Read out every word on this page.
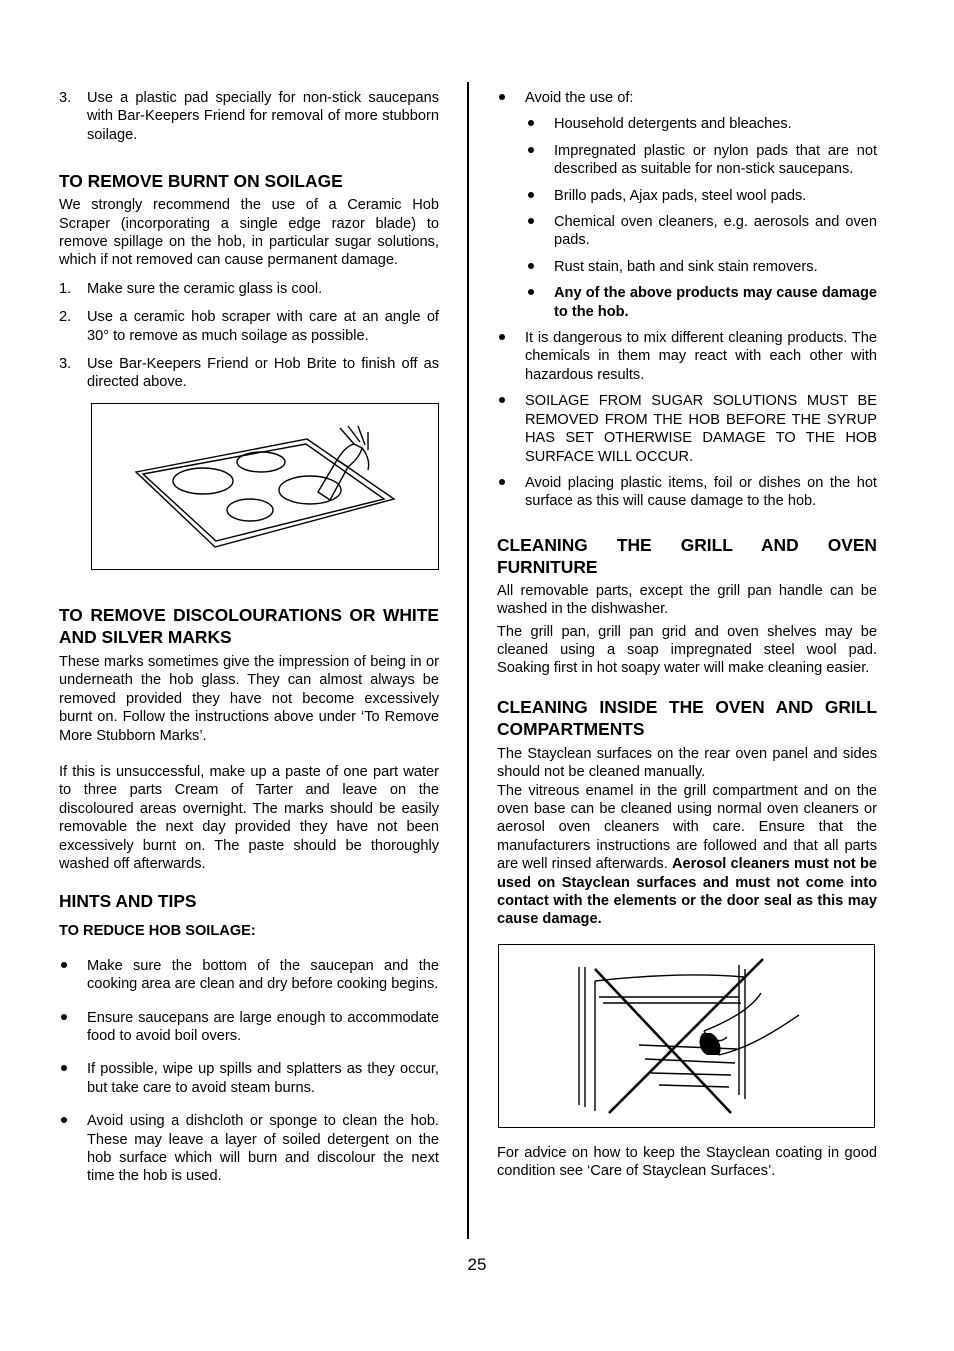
3. Use a plastic pad specially for non-stick saucepans with Bar-Keepers Friend for removal of more stubborn soilage.
TO REMOVE BURNT ON SOILAGE

We strongly recommend the use of a Ceramic Hob Scraper (incorporating a single edge razor blade) to remove spillage on the hob, in particular sugar solutions, which if not removed can cause permanent damage.

1. Make sure the ceramic glass is cool.
2. Use a ceramic hob scraper with care at an angle of 30° to remove as much soilage as possible.
3. Use Bar-Keepers Friend or Hob Brite to finish off as directed above.
TO REMOVE DISCOLOURATIONS OR WHITE AND SILVER MARKS

These marks sometimes give the impression of being in or underneath the hob glass. They can almost always be removed provided they have not become excessively burnt on. Follow the instructions above under ‘To Remove More Stubborn Marks’.

If this is unsuccessful, make up a paste of one part water to three parts Cream of Tarter and leave on the discoloured areas overnight. The marks should be easily removable the next day provided they have not been excessively burnt on. The paste should be thoroughly washed off afterwards.

HINTS AND TIPS
TO REDUCE HOB SOILAGE:
Make sure the bottom of the saucepan and the cooking area are clean and dry before cooking begins.
Ensure saucepans are large enough to accommodate food to avoid boil overs.
If possible, wipe up spills and splatters as they occur, but take care to avoid steam burns.
Avoid using a dishcloth or sponge to clean the hob. These may leave a layer of soiled detergent on the hob surface which will burn and discolour the next time the hob is used.
Avoid the use of:
Household detergents and bleaches.
Impregnated plastic or nylon pads that are not described as suitable for non-stick saucepans.
Brillo pads, Ajax pads, steel wool pads.
Chemical oven cleaners, e.g. aerosols and oven pads.
Rust stain, bath and sink stain removers.
Any of the above products may cause damage to the hob.
It is dangerous to mix different cleaning products. The chemicals in them may react with each other with hazardous results.
SOILAGE FROM SUGAR SOLUTIONS MUST BE REMOVED FROM THE HOB BEFORE THE SYRUP HAS SET OTHERWISE DAMAGE TO THE HOB SURFACE WILL OCCUR.
Avoid placing plastic items, foil or dishes on the hot surface as this will cause damage to the hob.
CLEANING THE GRILL AND OVEN FURNITURE

All removable parts, except the grill pan handle can be washed in the dishwasher.

The grill pan, grill pan grid and oven shelves may be cleaned using a soap impregnated steel wool pad. Soaking first in hot soapy water will make cleaning easier.

CLEANING INSIDE THE OVEN AND GRILL COMPARTMENTS

The Stayclean surfaces on the rear oven panel and sides should not be cleaned manually.

The vitreous enamel in the grill compartment and on the oven base can be cleaned using normal oven cleaners or aerosol oven cleaners with care. Ensure that the manufacturers instructions are followed and that all parts are well rinsed afterwards. Aerosol cleaners must not be used on Stayclean surfaces and must not come into contact with the elements or the door seal as this may cause damage.

For advice on how to keep the Stayclean coating in good condition see ‘Care of Stayclean Surfaces’.

25
